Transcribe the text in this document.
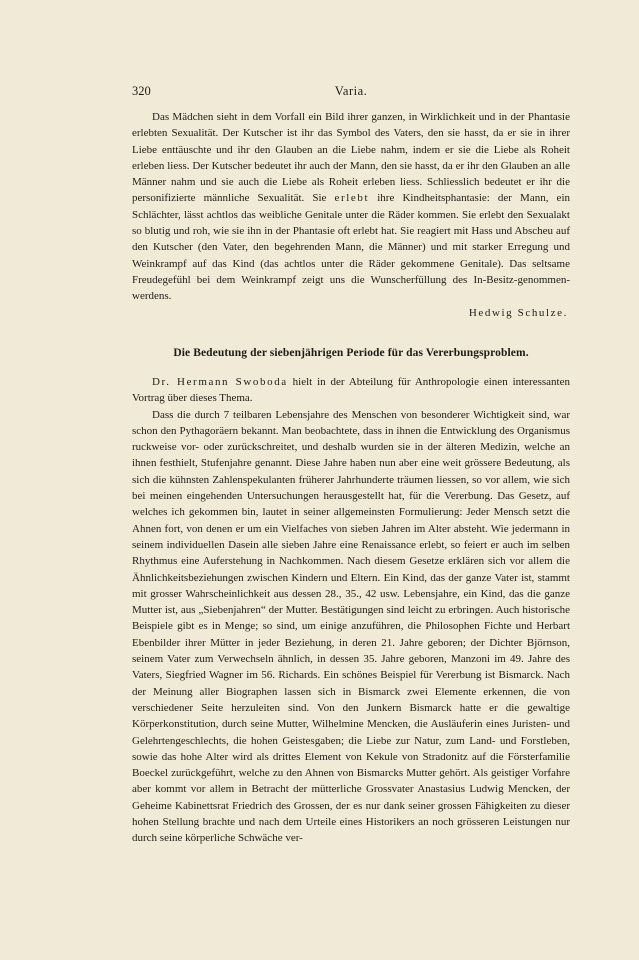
320	Varia.

Das Mädchen sieht in dem Vorfall ein Bild ihrer ganzen, in Wirklichkeit und in der Phantasie erlebten Sexualität. Der Kutscher ist ihr das Symbol des Vaters, den sie hasst, da er sie in ihrer Liebe enttäuschte und ihr den Glauben an die Liebe nahm, indem er sie die Liebe als Roheit erleben liess. Der Kutscher bedeutet ihr auch der Mann, den sie hasst, da er ihr den Glauben an alle Männer nahm und sie auch die Liebe als Roheit erleben liess. Schliesslich bedeutet er ihr die personifizierte männliche Sexualität. Sie erlebt ihre Kindheitsphantasie: der Mann, ein Schlächter, lässt achtlos das weibliche Genitale unter die Räder kommen. Sie erlebt den Sexualakt so blutig und roh, wie sie ihn in der Phantasie oft erlebt hat. Sie reagiert mit Hass und Abscheu auf den Kutscher (den Vater, den begehrenden Mann, die Männer) und mit starker Erregung und Weinkrampf auf das Kind (das achtlos unter die Räder gekommene Genitale). Das seltsame Freudegefühl bei dem Weinkrampf zeigt uns die Wunscherfüllung des In-Besitz-genommen-werdens.

Hedwig Schulze.
Die Bedeutung der siebenjährigen Periode für das Vererbungsproblem.

Dr. Hermann Swoboda hielt in der Abteilung für Anthropologie einen interessanten Vortrag über dieses Thema.

Dass die durch 7 teilbaren Lebensjahre des Menschen von besonderer Wichtigkeit sind, war schon den Pythagoräern bekannt. Man beobachtete, dass in ihnen die Entwicklung des Organismus ruckweise vor- oder zurückschreitet, und deshalb wurden sie in der älteren Medizin, welche an ihnen festhielt, Stufenjahre genannt. Diese Jahre haben nun aber eine weit grössere Bedeutung, als sich die kühnsten Zahlenspekulanten früherer Jahrhunderte träumen liessen, so vor allem, wie sich bei meinen eingehenden Untersuchungen herausgestellt hat, für die Vererbung. Das Gesetz, auf welches ich gekommen bin, lautet in seiner allgemeinsten Formulierung: Jeder Mensch setzt die Ahnen fort, von denen er um ein Vielfaches von sieben Jahren im Alter absteht. Wie jedermann in seinem individuellen Dasein alle sieben Jahre eine Renaissance erlebt, so feiert er auch im selben Rhythmus eine Auferstehung in Nachkommen. Nach diesem Gesetze erklären sich vor allem die Ähnlichkeitsbeziehungen zwischen Kindern und Eltern. Ein Kind, das der ganze Vater ist, stammt mit grosser Wahrscheinlichkeit aus dessen 28., 35., 42 usw. Lebensjahre, ein Kind, das die ganze Mutter ist, aus „Siebenjahren“ der Mutter. Bestätigungen sind leicht zu erbringen. Auch historische Beispiele gibt es in Menge; so sind, um einige anzuführen, die Philosophen Fichte und Herbart Ebenbilder ihrer Mütter in jeder Beziehung, in deren 21. Jahre geboren; der Dichter Björnson, seinem Vater zum Verwechseln ähnlich, in dessen 35. Jahre geboren, Manzoni im 49. Jahre des Vaters, Siegfried Wagner im 56. Richards. Ein schönes Beispiel für Vererbung ist Bismarck. Nach der Meinung aller Biographen lassen sich in Bismarck zwei Elemente erkennen, die von verschiedener Seite herzuleiten sind. Von den Junkern Bismarck hatte er die gewaltige Körperkonstitution, durch seine Mutter, Wilhelmine Mencken, die Ausläuferin eines Juristen- und Gelehrtengeschlechts, die hohen Geistesgaben; die Liebe zur Natur, zum Land- und Forstleben, sowie das hohe Alter wird als drittes Element von Kekule von Stradonitz auf die Försterfamilie Boeckel zurückgeführt, welche zu den Ahnen von Bismarcks Mutter gehört. Als geistiger Vorfahre aber kommt vor allem in Betracht der mütterliche Grossvater Anastasius Ludwig Mencken, der Geheime Kabinettsrat Friedrich des Grossen, der es nur dank seiner grossen Fähigkeiten zu dieser hohen Stellung brachte und nach dem Urteile eines Historikers an noch grösseren Leistungen nur durch seine körperliche Schwäche ver-
